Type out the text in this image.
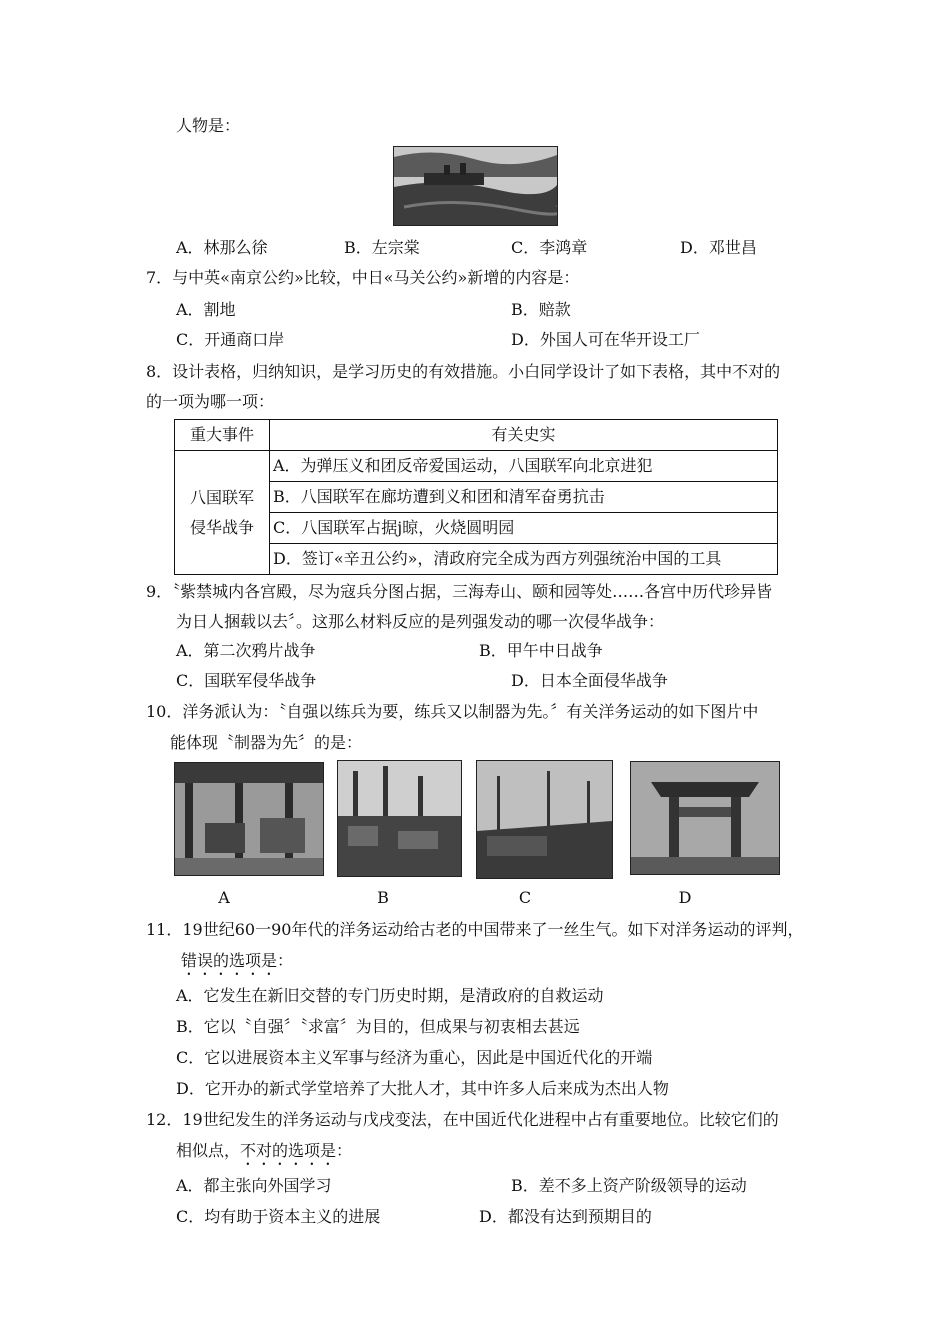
人物是：
A．林那么徐	B．左宗棠	C．李鸿章	D．邓世昌
7．与中英«南京公约»比较，中日«马关公约»新增的内容是：
A．割地	B．赔款
C．开通商口岸	D．外国人可在华开设工厂
8．设计表格，归纳知识，是学习历史的有效措施。小白同学设计了如下表格，其中不对的
的一项为哪一项：
重大事件	有关史实

八国联军
侵华战争	A．为弹压义和团反帝爱国运动，八国联军向北京进犯
	B．八国联军在廊坊遭到义和团和清军奋勇抗击
	C．八国联军占据j晾，火烧圆明园
	D．签订«辛丑公约»，清政府完全成为西方列强统治中国的工具
9．〝紫禁城内各宫殿，尽为寇兵分图占据，三海寿山、颐和园等处……各宫中历代珍异皆
为日人捆载以去〞。这那么材料反应的是列强发动的哪一次侵华战争：
A．第二次鸦片战争	B．甲午中日战争
C．国联军侵华战争	D．日本全面侵华战争
10．洋务派认为：〝自强以练兵为要，练兵又以制器为先。〞有关洋务运动的如下图片中
能体现〝制器为先〞的是：
A	B	C	D
11．19世纪60一90年代的洋务运动给古老的中国带来了一丝生气。如下对洋务运动的评判，
错误的选项是：
A．它发生在新旧交替的专门历史时期，是清政府的自救运动
B．它以〝自强〞〝求富〞为目的，但成果与初衷相去甚远
C．它以进展资本主义军事与经济为重心，因此是中国近代化的开端
D．它开办的新式学堂培养了大批人才，其中许多人后来成为杰出人物
12．19世纪发生的洋务运动与戊戌变法，在中国近代化进程中占有重要地位。比较它们的
相似点，不对的选项是：
A．都主张向外国学习	B．差不多上资产阶级领导的运动
C．均有助于资本主义的进展	D．都没有达到预期目的
